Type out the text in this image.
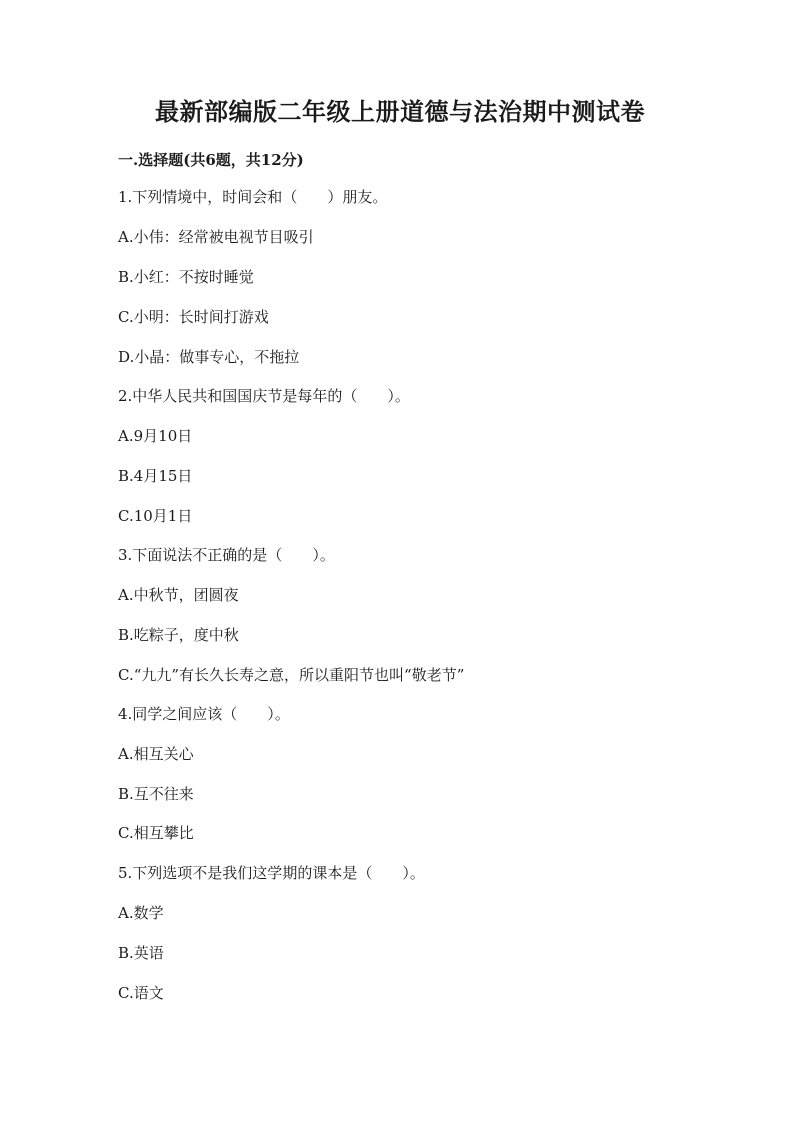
最新部编版二年级上册道德与法治期中测试卷
一.选择题(共6题，共12分)
1.下列情境中，时间会和（　　）朋友。
A.小伟：经常被电视节目吸引
B.小红：不按时睡觉
C.小明：长时间打游戏
D.小晶：做事专心，不拖拉
2.中华人民共和国国庆节是每年的（　　）。
A.9月10日
B.4月15日
C.10月1日
3.下面说法不正确的是（　　）。
A.中秋节，团圆夜
B.吃粽子，度中秋
C.“九九”有长久长寿之意，所以重阳节也叫“敬老节”
4.同学之间应该（　　）。
A.相互关心
B.互不往来
C.相互攀比
5.下列选项不是我们这学期的课本是（　　）。
A.数学
B.英语
C.语文
